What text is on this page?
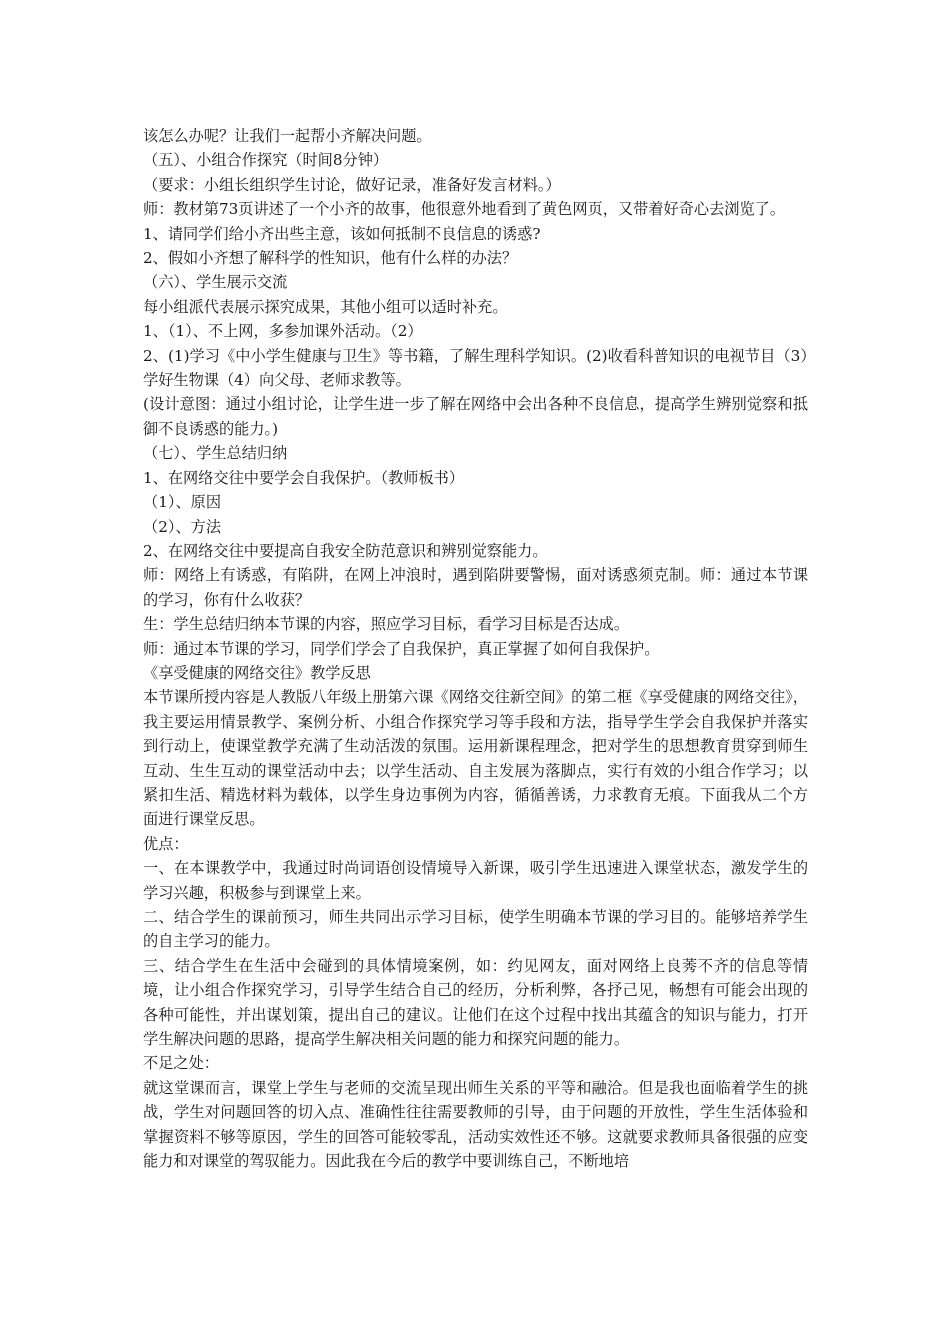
该怎么办呢？让我们一起帮小齐解决问题。

（五）、小组合作探究（时间8分钟）

（要求：小组长组织学生讨论，做好记录，准备好发言材料。）

师：教材第73页讲述了一个小齐的故事，他很意外地看到了黄色网页，又带着好奇心去浏览了。

1、请同学们给小齐出些主意，该如何抵制不良信息的诱惑?

2、假如小齐想了解科学的性知识，他有什么样的办法？

（六）、学生展示交流

每小组派代表展示探究成果，其他小组可以适时补充。

1、（1）、不上网，多参加课外活动。（2）

2、(1)学习《中小学生健康与卫生》等书籍，了解生理科学知识。(2)收看科普知识的电视节目（3）学好生物课（4）向父母、老师求教等。

(设计意图：通过小组讨论，让学生进一步了解在网络中会出各种不良信息，提高学生辨别觉察和抵御不良诱惑的能力。)

（七）、学生总结归纳

1、在网络交往中要学会自我保护。（教师板书）

（1）、原因

（2）、方法

2、在网络交往中要提高自我安全防范意识和辨别觉察能力。

师：网络上有诱惑，有陷阱，在网上冲浪时，遇到陷阱要警惕，面对诱惑须克制。师：通过本节课的学习，你有什么收获？

生：学生总结归纳本节课的内容，照应学习目标，看学习目标是否达成。

师：通过本节课的学习，同学们学会了自我保护，真正掌握了如何自我保护。

《享受健康的网络交往》教学反思

本节课所授内容是人教版八年级上册第六课《网络交往新空间》的第二框《享受健康的网络交往》，我主要运用情景教学、案例分析、小组合作探究学习等手段和方法，指导学生学会自我保护并落实到行动上，使课堂教学充满了生动活泼的氛围。运用新课程理念，把对学生的思想教育贯穿到师生互动、生生互动的课堂活动中去；以学生活动、自主发展为落脚点，实行有效的小组合作学习；以紧扣生活、精选材料为载体，以学生身边事例为内容，循循善诱，力求教育无痕。下面我从二个方面进行课堂反思。

优点：

一、在本课教学中，我通过时尚词语创设情境导入新课，吸引学生迅速进入课堂状态，激发学生的学习兴趣，积极参与到课堂上来。

二、结合学生的课前预习，师生共同出示学习目标，使学生明确本节课的学习目的。能够培养学生的自主学习的能力。

三、结合学生在生活中会碰到的具体情境案例，如：约见网友，面对网络上良莠不齐的信息等情境，让小组合作探究学习，引导学生结合自己的经历，分析利弊，各抒己见，畅想有可能会出现的各种可能性，并出谋划策，提出自己的建议。让他们在这个过程中找出其蕴含的知识与能力，打开学生解决问题的思路，提高学生解决相关问题的能力和探究问题的能力。

不足之处：

就这堂课而言，课堂上学生与老师的交流呈现出师生关系的平等和融洽。但是我也面临着学生的挑战，学生对问题回答的切入点、准确性往往需要教师的引导，由于问题的开放性，学生生活体验和掌握资料不够等原因，学生的回答可能较零乱，活动实效性还不够。这就要求教师具备很强的应变能力和对课堂的驾驭能力。因此我在今后的教学中要训练自己，不断地培
